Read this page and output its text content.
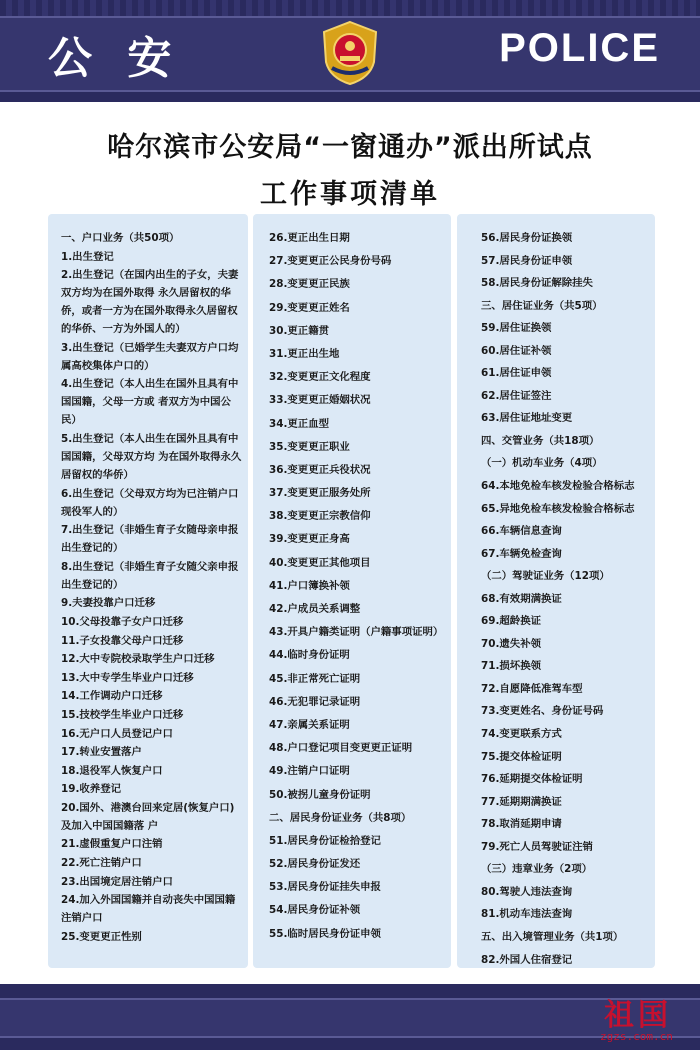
公 安	POLICE
哈尔滨市公安局“一窗通办”派出所试点
工作事项清单
一、户口业务（共50项）
1.出生登记
2.出生登记（在国内出生的子女，夫妻双方均为在国外取得 永久居留权的华侨，或者一方为在国外取得永久居留权的华侨、一方为外国人的）
3.出生登记（已婚学生夫妻双方户口均属高校集体户口的）
4.出生登记（本人出生在国外且具有中国国籍，父母一方或 者双方为中国公民）
5.出生登记（本人出生在国外且具有中国国籍，父母双方均 为在国外取得永久居留权的华侨）
6.出生登记（父母双方均为已注销户口现役军人的）
7.出生登记（非婚生育子女随母亲申报出生登记的）
8.出生登记（非婚生育子女随父亲申报出生登记的）
9.夫妻投靠户口迁移
10.父母投靠子女户口迁移
11.子女投靠父母户口迁移
12.大中专院校录取学生户口迁移
13.大中专学生毕业户口迁移
14.工作调动户口迁移
15.技校学生毕业户口迁移
16.无户口人员登记户口
17.转业安置落户
18.退役军人恢复户口
19.收养登记
20.国外、港澳台回来定居(恢复户口)及加入中国国籍落 户
21.虚假重复户口注销
22.死亡注销户口
23.出国境定居注销户口
24.加入外国国籍并自动丧失中国国籍注销户口
25.变更更正性别
26.更正出生日期
27.变更更正公民身份号码
28.变更更正民族
29.变更更正姓名
30.更正籍贯
31.更正出生地
32.变更更正文化程度
33.变更更正婚姻状况
34.更正血型
35.变更更正职业
36.变更更正兵役状况
37.变更更正服务处所
38.变更更正宗教信仰
39.变更更正身高
40.变更更正其他项目
41.户口簿换补领
42.户成员关系调整
43.开具户籍类证明（户籍事项证明）
44.临时身份证明
45.非正常死亡证明
46.无犯罪记录证明
47.亲属关系证明
48.户口登记项目变更更正证明
49.注销户口证明
50.被拐儿童身份证明
二、居民身份证业务（共8项）
51.居民身份证检拾登记
52.居民身份证发还
53.居民身份证挂失申报
54.居民身份证补领
55.临时居民身份证申领
56.居民身份证换领
57.居民身份证申领
58.居民身份证解除挂失
三、居住证业务（共5项）
59.居住证换领
60.居住证补领
61.居住证申领
62.居住证签注
63.居住证地址变更
四、交管业务（共18项）
（一）机动车业务（4项）
64.本地免检车核发检验合格标志
65.异地免检车核发检验合格标志
66.车辆信息查询
67.车辆免检查询
（二）驾驶证业务（12项）
68.有效期满换证
69.超龄换证
70.遗失补领
71.损坏换领
72.自愿降低准驾车型
73.变更姓名、身份证号码
74.变更联系方式
75.提交体检证明
76.延期提交体检证明
77.延期期满换证
78.取消延期申请
79.死亡人员驾驶证注销
（三）违章业务（2项）
80.驾驶人违法查询
81.机动车违法查询
五、出入境管理业务（共1项）
82.外国人住宿登记
祖国
zgzs.com.cn
